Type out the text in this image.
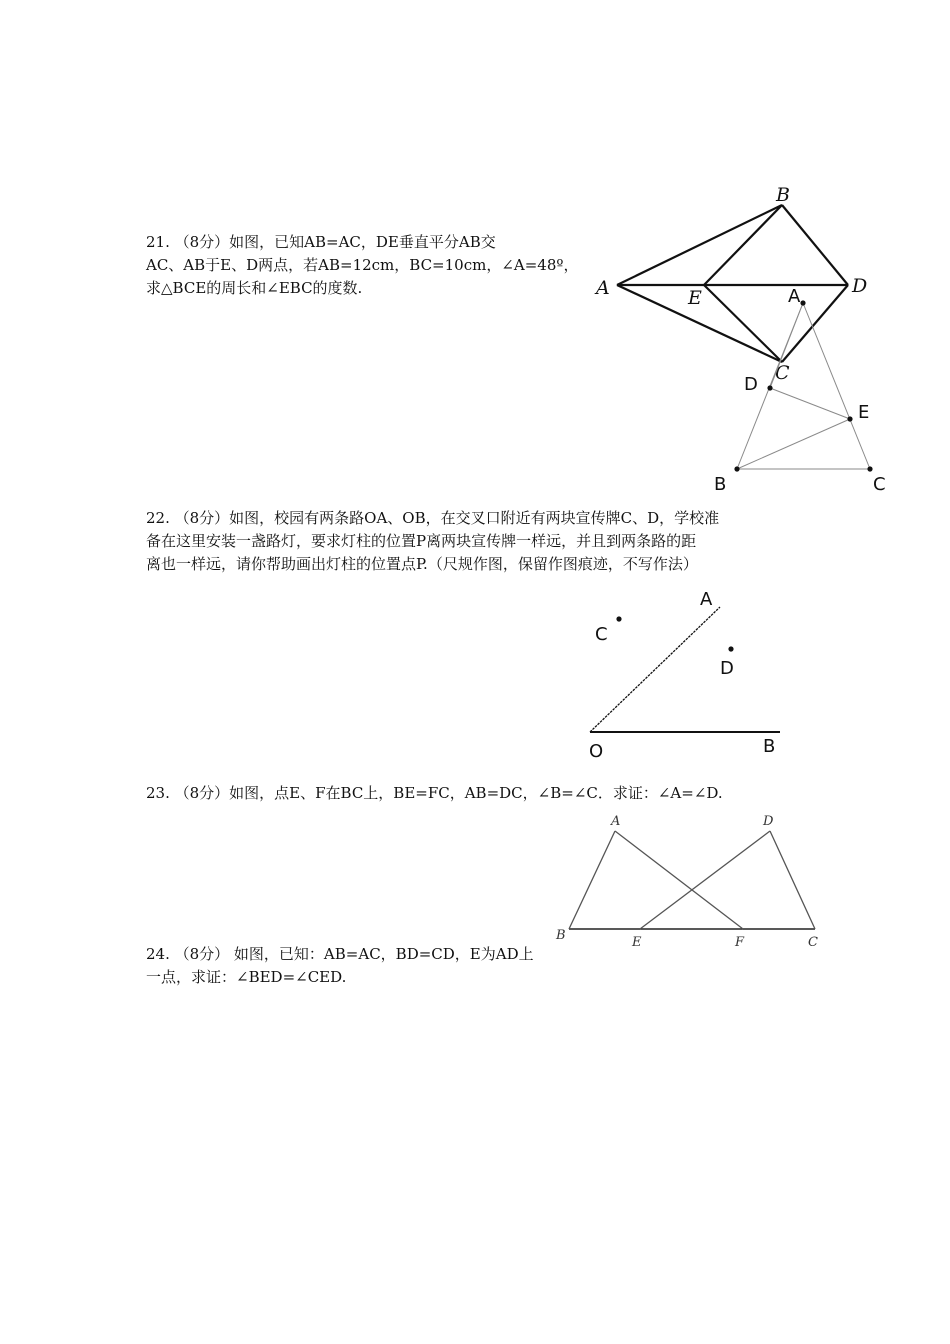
21. （8分）如图，已知AB=AC，DE垂直平分AB交
AC、AB于E、D两点，若AB=12cm，BC=10cm，∠A=48º，
求△BCE的周长和∠EBC的度数.
B
A	E
D
C
A
D
E
B	C
22. （8分）如图，校园有两条路OA、OB，在交叉口附近有两块宣传牌C、D，学校准
备在这里安装一盏路灯，要求灯柱的位置P离两块宣传牌一样远，并且到两条路的距
离也一样远，请你帮助画出灯柱的位置点P.（尺规作图，保留作图痕迹，不写作法）
A
C
D
O	B
23. （8分）如图，点E、F在BC上，BE=FC，AB=DC，∠B=∠C．求证：∠A=∠D.
A	D
B	E	F	C
24. （8分） 如图，已知：AB=AC，BD=CD，E为AD上
一点，求证：∠BED=∠CED.
